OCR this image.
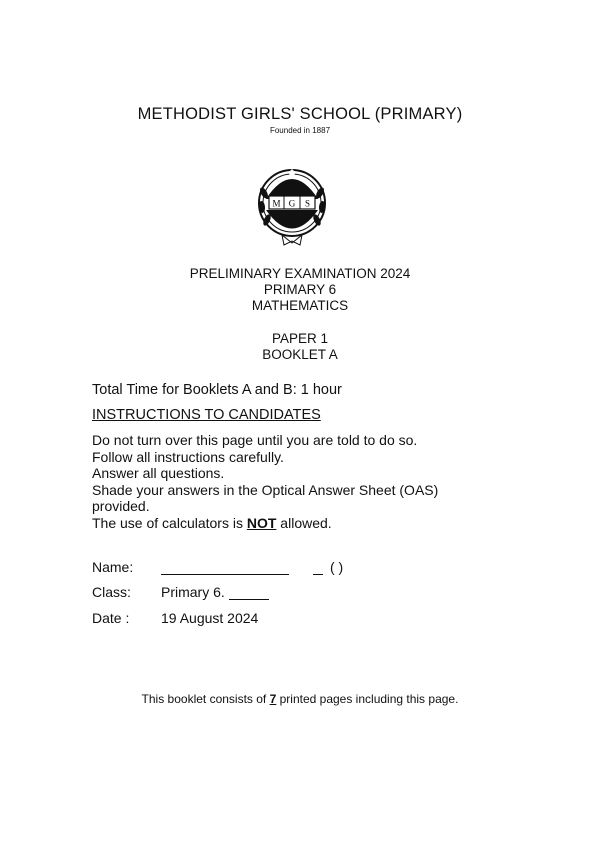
METHODIST GIRLS' SCHOOL (PRIMARY)
Founded in 1887
M G S
PRELIMINARY EXAMINATION 2024
PRIMARY 6
MATHEMATICS
PAPER 1
BOOKLET A
Total Time for Booklets A and B: 1 hour
INSTRUCTIONS TO CANDIDATES
Do not turn over this page until you are told to do so.
Follow all instructions carefully.
Answer all questions.
Shade your answers in the Optical Answer Sheet (OAS)
provided.
The use of calculators is NOT allowed.
Name:	( )
Class: Primary 6.
Date : 19 August 2024
This booklet consists of 7 printed pages including this page.
